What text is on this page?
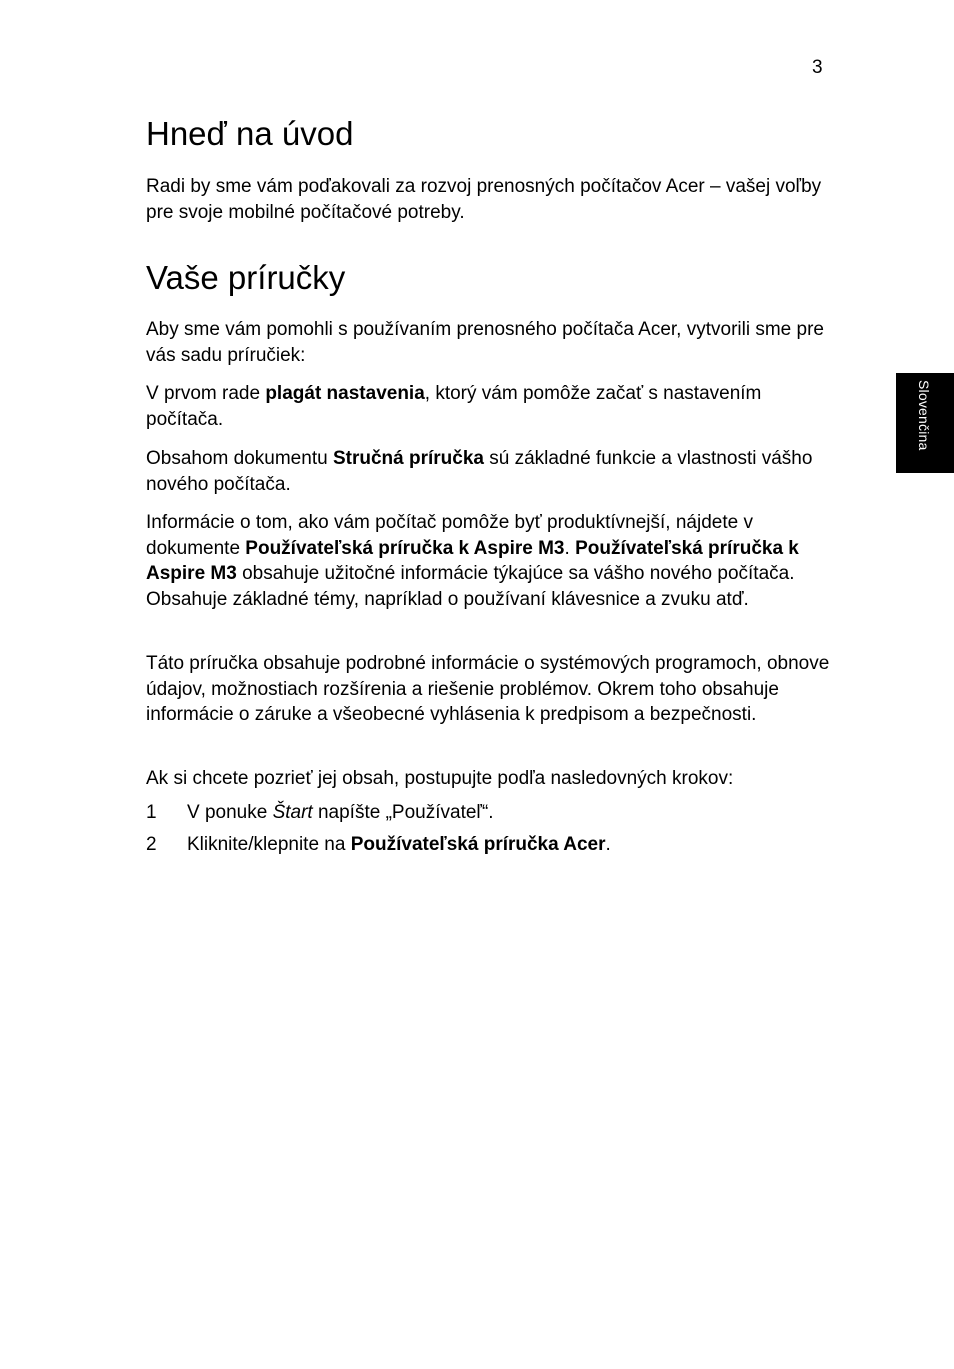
3
Slovenčina
Hneď na úvod

Radi by sme vám poďakovali za rozvoj prenosných počítačov Acer – vašej voľby pre svoje mobilné počítačové potreby.

Vaše príručky

Aby sme vám pomohli s používaním prenosného počítača Acer, vytvorili sme pre vás sadu príručiek:

V prvom rade plagát nastavenia, ktorý vám pomôže začať s nastavením počítača.

Obsahom dokumentu Stručná príručka sú základné funkcie a vlastnosti vášho nového počítača.

Informácie o tom, ako vám počítač pomôže byť produktívnejší, nájdete v dokumente Používateľská príručka k Aspire M3. Používateľská príručka k Aspire M3 obsahuje užitočné informácie týkajúce sa vášho nového počítača. Obsahuje základné témy, napríklad o používaní klávesnice a zvuku atď.

Táto príručka obsahuje podrobné informácie o systémových programoch, obnove údajov, možnostiach rozšírenia a riešenie problémov. Okrem toho obsahuje informácie o záruke a všeobecné vyhlásenia k predpisom a bezpečnosti.

Ak si chcete pozrieť jej obsah, postupujte podľa nasledovných krokov:

1 V ponuke Štart napíšte „Používateľ“.
2 Kliknite/klepnite na Používateľská príručka Acer.
